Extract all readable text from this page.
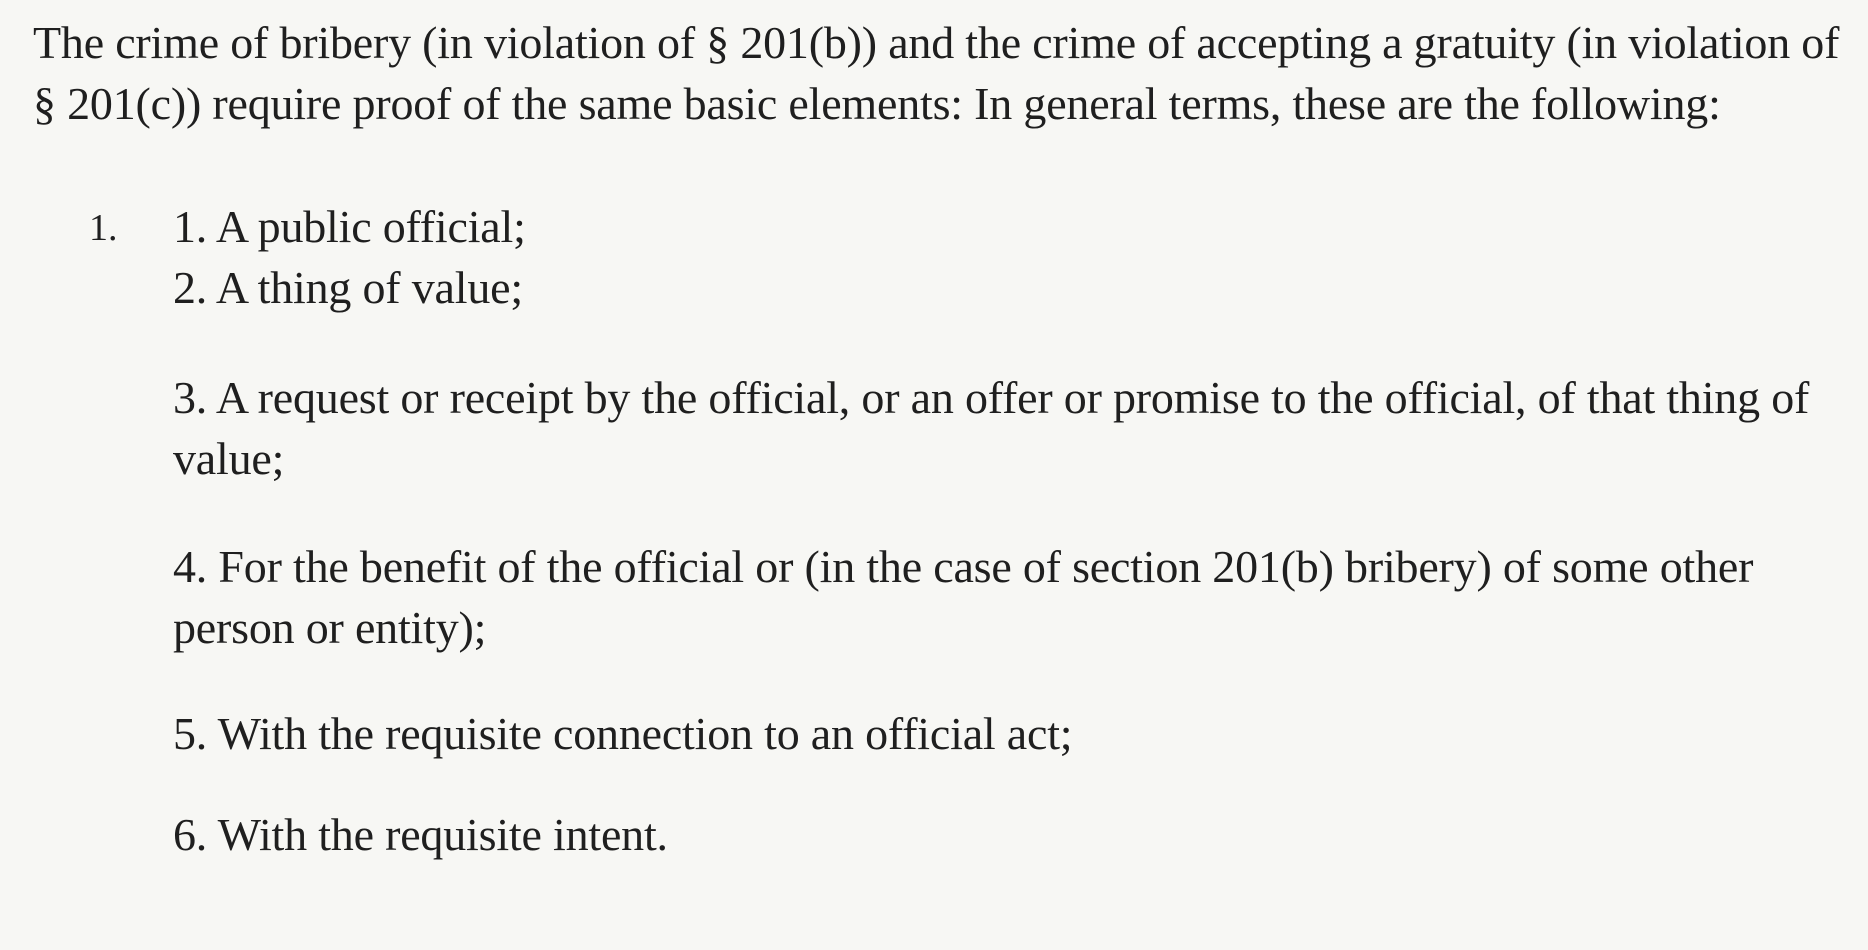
The crime of bribery (in violation of § 201(b)) and the crime of accepting a gratuity (in violation of § 201(c)) require proof of the same basic elements: In general terms, these are the following:

1. 1. A public official;
2. A thing of value;
3. A request or receipt by the official, or an offer or promise to the official, of that thing of value;
4. For the benefit of the official or (in the case of section 201(b) bribery) of some other person or entity);
5. With the requisite connection to an official act;
6. With the requisite intent.
